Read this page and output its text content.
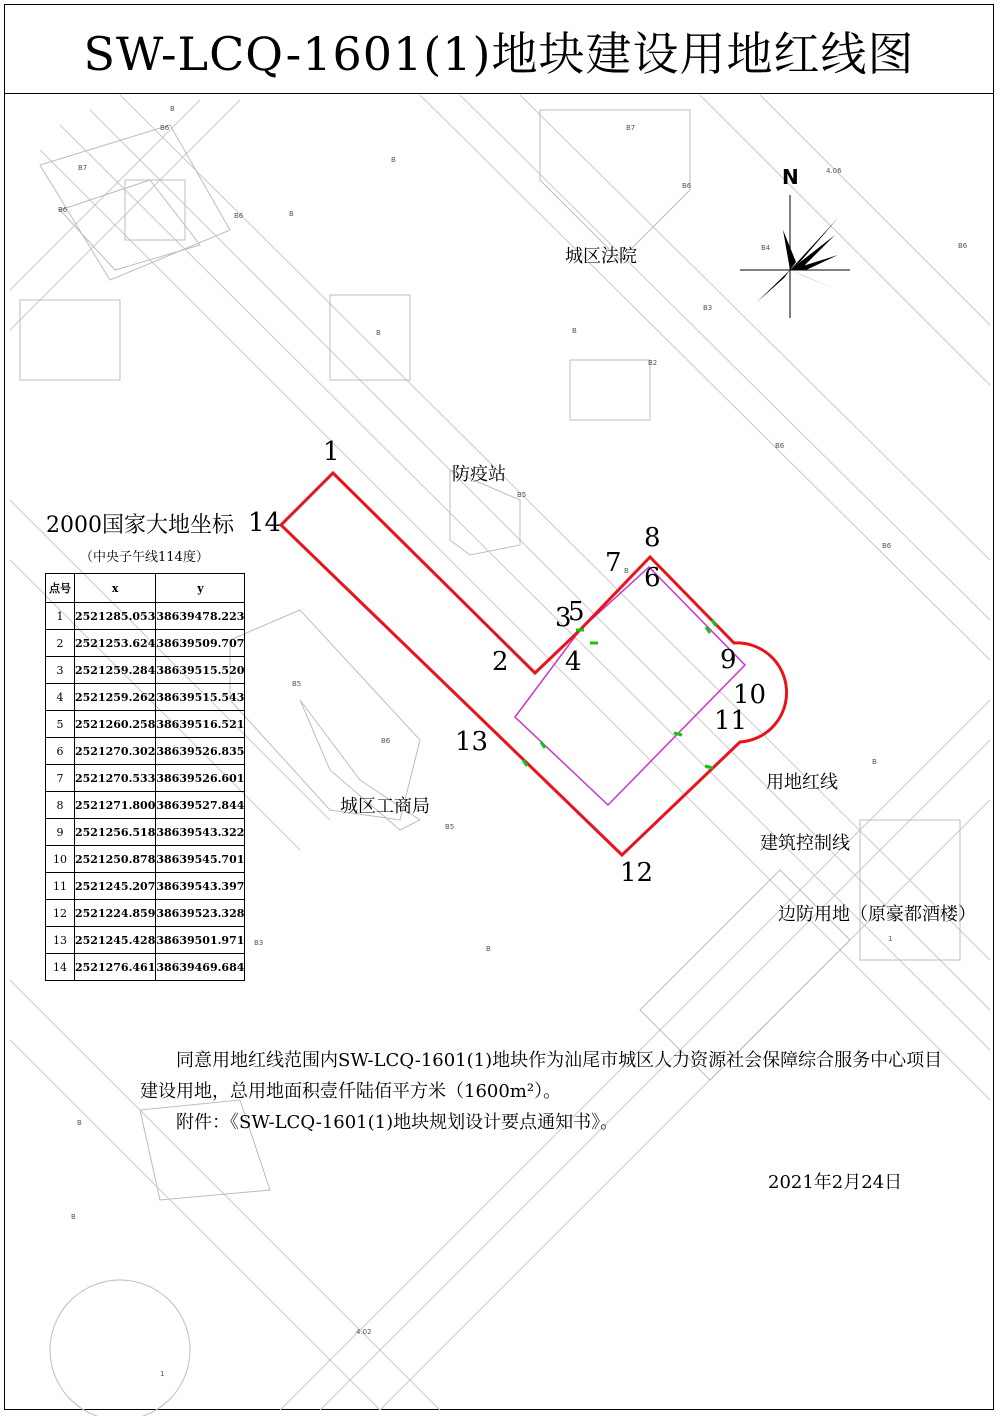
SW-LCQ-1601(1)地块建设用地红线图
B6
B7
B6
B6	B
B
B
B7
B6
4.06
B6
B4
B3
B2
B6
B6
B5
B
B5
B6
B5
B3
B
B
1
B
B
4.02
1
B
B
N
城区法院
防疫站
城区工商局
用地红线
建筑控制线
边防用地（原豪都酒楼）
1
2
3
4
5
6
7
8
9
10
11
12
13
14
2000国家大地坐标
（中央子午线114度）
点号	x	y
1	2521285.053	38639478.223
2	2521253.624	38639509.707
3	2521259.284	38639515.520
4	2521259.262	38639515.543
5	2521260.258	38639516.521
6	2521270.302	38639526.835
7	2521270.533	38639526.601
8	2521271.800	38639527.844
9	2521256.518	38639543.322
10	2521250.878	38639545.701
11	2521245.207	38639543.397
12	2521224.859	38639523.328
13	2521245.428	38639501.971
14	2521276.461	38639469.684

同意用地红线范围内SW-LCQ-1601(1)地块作为汕尾市城区人力资源社会保障综合服务中心项目建设用地，总用地面积壹仟陆佰平方米（1600m²）。

附件：《SW-LCQ-1601(1)地块规划设计要点通知书》。

2021年2月24日
